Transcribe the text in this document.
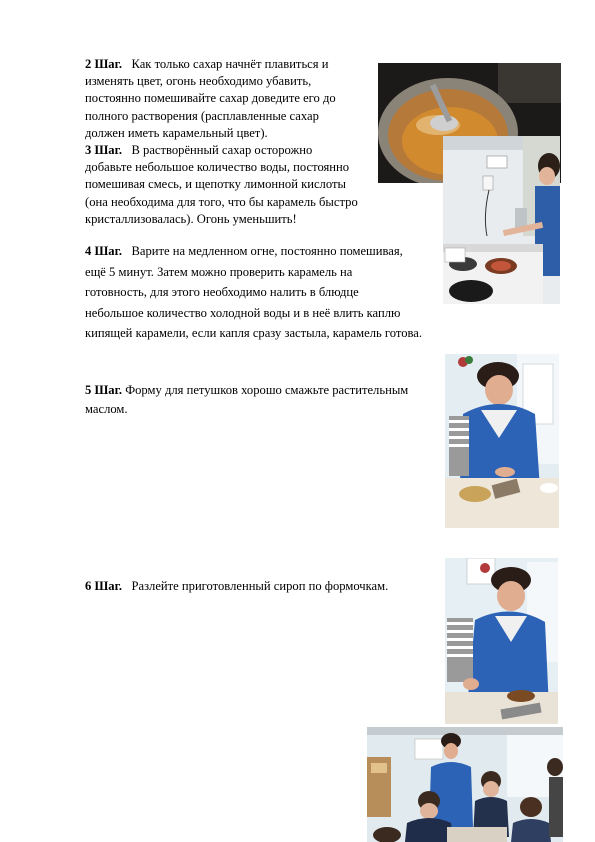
2 Шаг. Как только сахар начнёт плавиться и
изменять цвет, огонь необходимо убавить,
постоянно помешивайте сахар доведите его до
полного растворения (расплавленные сахар
должен иметь карамельный цвет).
3 Шаг. В растворённый сахар осторожно
добавьте небольшое количество воды, постоянно
помешивая смесь, и щепотку лимонной кислоты
(она необходима для того, что бы карамель быстро
кристаллизовалась). Огонь уменьшить!
4 Шаг. Варите на медленном огне, постоянно помешивая,
ещё 5 минут. Затем можно проверить карамель на
готовность, для этого необходимо налить в блюдце
небольшое количество холодной воды и в неё влить каплю
кипящей карамели, если капля сразу застыла, карамель готова.
5 Шаг. Форму для петушков хорошо смажьте растительным
маслом.
6 Шаг. Разлейте приготовленный сироп по формочкам.
